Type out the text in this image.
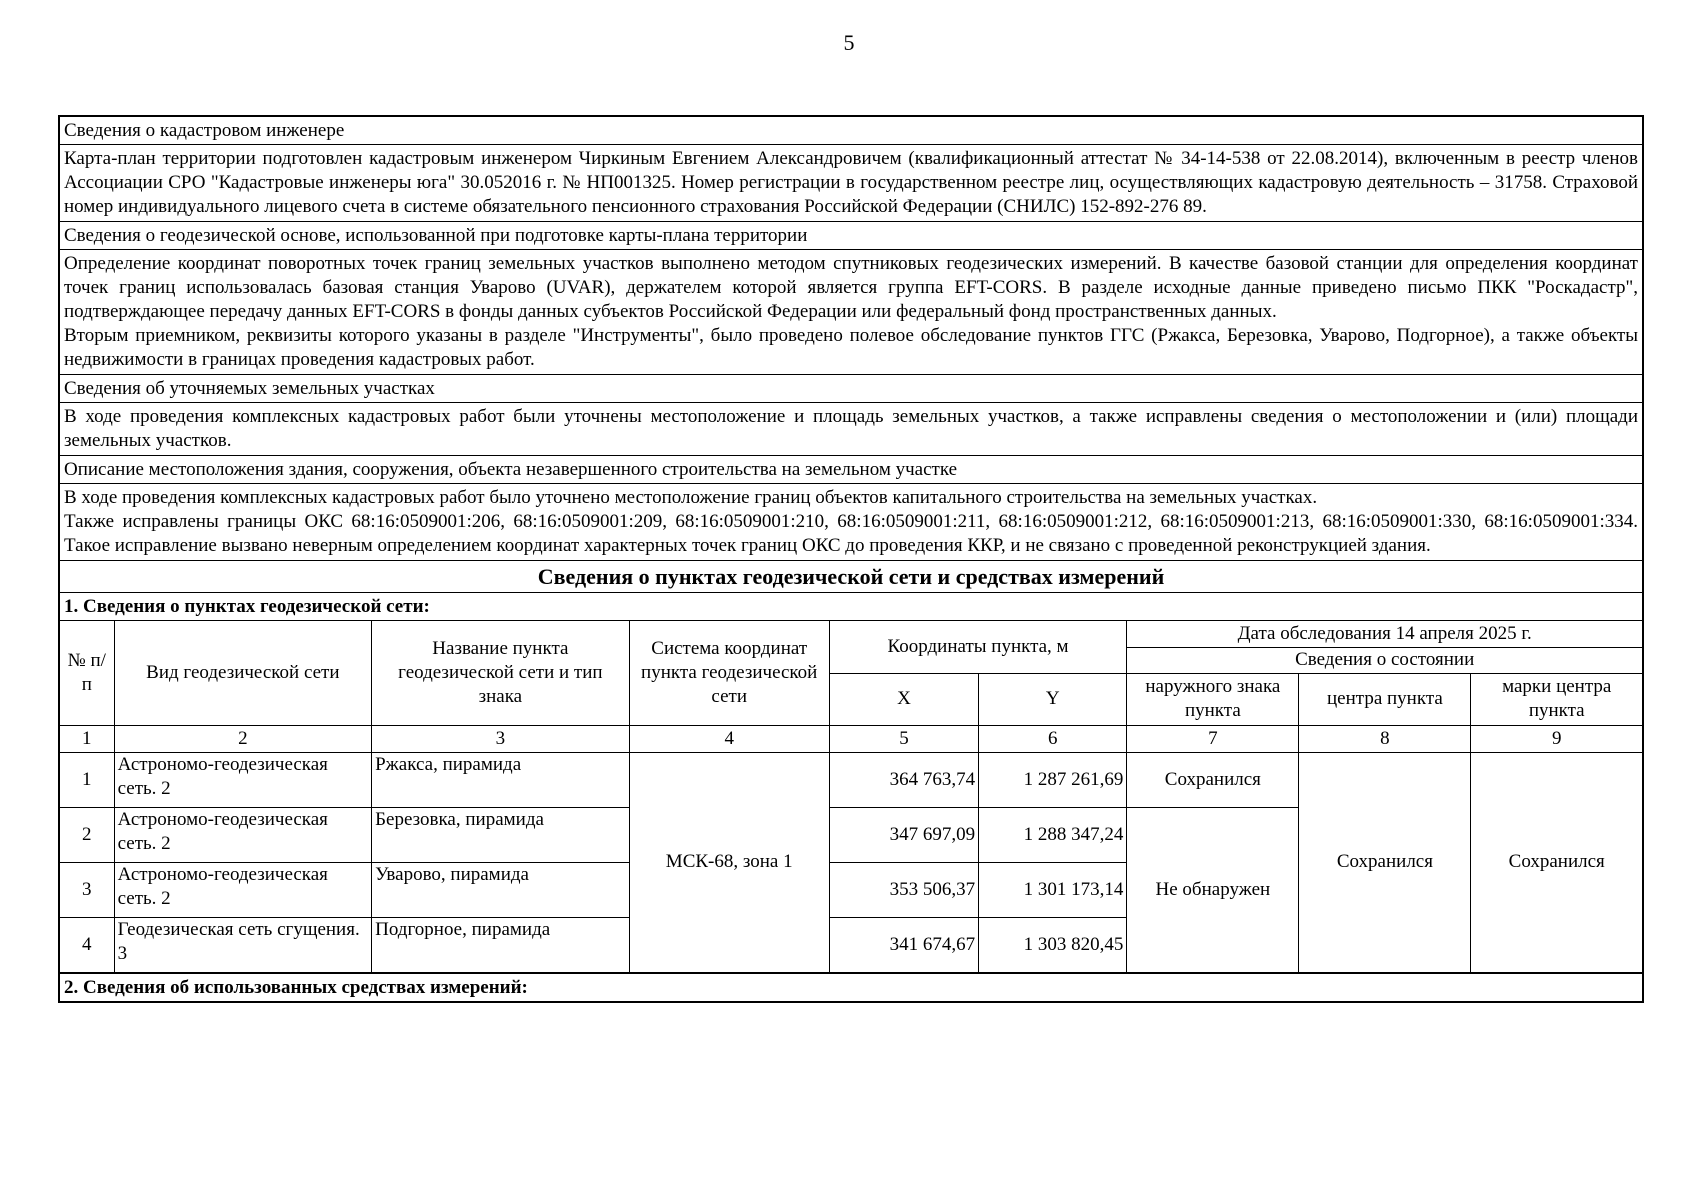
5
Сведения о кадастровом инженере

Карта-план территории подготовлен кадастровым инженером Чиркиным Евгением Александровичем (квалификационный аттестат № 34-14-538 от 22.08.2014), включенным в реестр членов Ассоциации СРО "Кадастровые инженеры юга" 30.052016 г. № НП001325. Номер регистрации в государственном реестре лиц, осуществляющих кадастровую деятельность – 31758. Страховой номер индивидуального лицевого счета в системе обязательного пенсионного страхования Российской Федерации (СНИЛС) 152-892-276 89.

Сведения о геодезической основе, использованной при подготовке карты-плана территории

Определение координат поворотных точек границ земельных участков выполнено методом спутниковых геодезических измерений. В качестве базовой станции для определения координат точек границ использовалась базовая станция Уварово (UVAR), держателем которой является группа EFT-CORS. В разделе исходные данные приведено письмо ПКК "Роскадастр", подтверждающее передачу данных EFT-CORS в фонды данных субъектов Российской Федерации или федеральный фонд пространственных данных.

Вторым приемником, реквизиты которого указаны в разделе "Инструменты", было проведено полевое обследование пунктов ГГС (Ржакса, Березовка, Уварово, Подгорное), а также объекты недвижимости в границах проведения кадастровых работ.

Сведения об уточняемых земельных участках

В ходе проведения комплексных кадастровых работ были уточнены местоположение и площадь земельных участков, а также исправлены сведения о местоположении и (или) площади земельных участков.

Описание местоположения здания, сооружения, объекта незавершенного строительства на земельном участке

В ходе проведения комплексных кадастровых работ было уточнено местоположение границ объектов капитального строительства на земельных участках.

Также исправлены границы ОКС 68:16:0509001:206, 68:16:0509001:209, 68:16:0509001:210, 68:16:0509001:211, 68:16:0509001:212, 68:16:0509001:213, 68:16:0509001:330, 68:16:0509001:334. Такое исправление вызвано неверным определением координат характерных точек границ ОКС до проведения ККР, и не связано с проведенной реконструкцией здания.

Сведения о пунктах геодезической сети и средствах измерений
1. Сведения о пунктах геодезической сети:
№ п/п	Вид геодезической сети	Название пункта геодезической сети и тип знака	Система координат пункта геодезической сети	Координаты пункта, м		Дата обследования 14 апреля 2025 г.		
						Сведения о состоянии		
				X	Y	наружного знака пункта	центра пункта	марки центра пункта
1	2	3	4	5	6	7	8	9
1	Астрономо-геодезическая сеть. 2	Ржакса, пирамида	МСК-68, зона 1	364 763,74	1 287 261,69	Сохранился	Сохранился	Сохранился
2	Астрономо-геодезическая сеть. 2	Березовка, пирамида		347 697,09	1 288 347,24	Не обнаружен		
3	Астрономо-геодезическая сеть. 2	Уварово, пирамида		353 506,37	1 301 173,14			
4	Геодезическая сеть сгущения. 3	Подгорное, пирамида		341 674,67	1 303 820,45			
2. Сведения об использованных средствах измерений:
